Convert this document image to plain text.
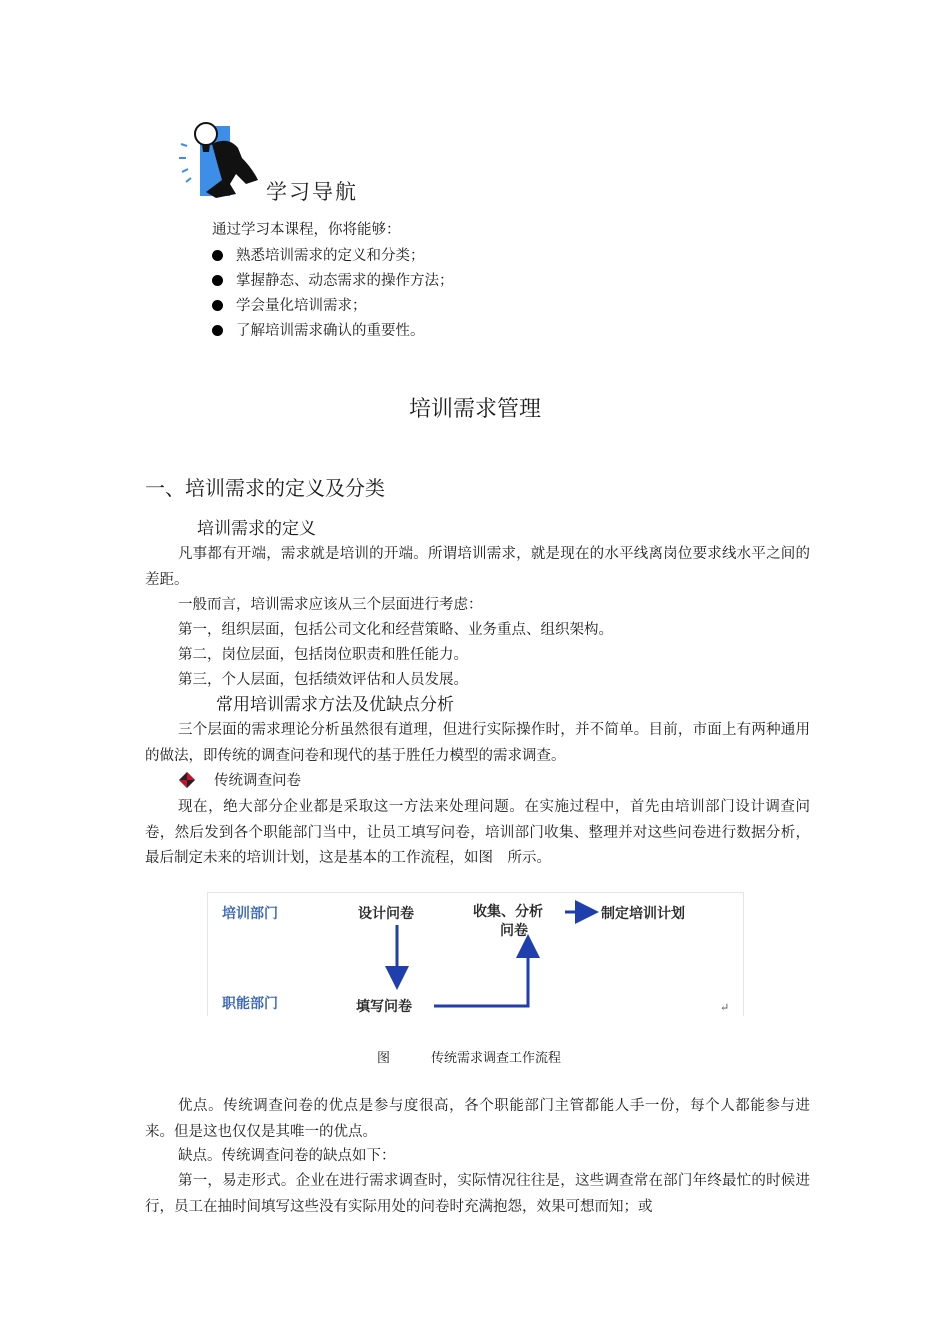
学习导航
通过学习本课程，你将能够：
熟悉培训需求的定义和分类；
掌握静态、动态需求的操作方法；
学会量化培训需求；
了解培训需求确认的重要性。
培训需求管理
一、培训需求的定义及分类
培训需求的定义
凡事都有开端，需求就是培训的开端。所谓培训需求，就是现在的水平线离岗位要求线水平之间的差距。
一般而言，培训需求应该从三个层面进行考虑：
第一，组织层面，包括公司文化和经营策略、业务重点、组织架构。
第二，岗位层面，包括岗位职责和胜任能力。
第三，个人层面，包括绩效评估和人员发展。
常用培训需求方法及优缺点分析
三个层面的需求理论分析虽然很有道理，但进行实际操作时，并不简单。目前，市面上有两种通用的做法，即传统的调查问卷和现代的基于胜任力模型的需求调查。
传统调查问卷
现在，绝大部分企业都是采取这一方法来处理问题。在实施过程中，首先由培训部门设计调查问卷，然后发到各个职能部门当中，让员工填写问卷，培训部门收集、整理并对这些问卷进行数据分析，最后制定未来的培训计划，这是基本的工作流程，如图　所示。
培训部门
职能部门
设计问卷	收集、分析
问卷
制定培训计划
填写问卷	↵
图	传统需求调查工作流程
优点。传统调查问卷的优点是参与度很高，各个职能部门主管都能人手一份，每个人都能参与进来。但是这也仅仅是其唯一的优点。
缺点。传统调查问卷的缺点如下：
第一，易走形式。企业在进行需求调查时，实际情况往往是，这些调查常在部门年终最忙的时候进行，员工在抽时间填写这些没有实际用处的问卷时充满抱怨，效果可想而知；或
